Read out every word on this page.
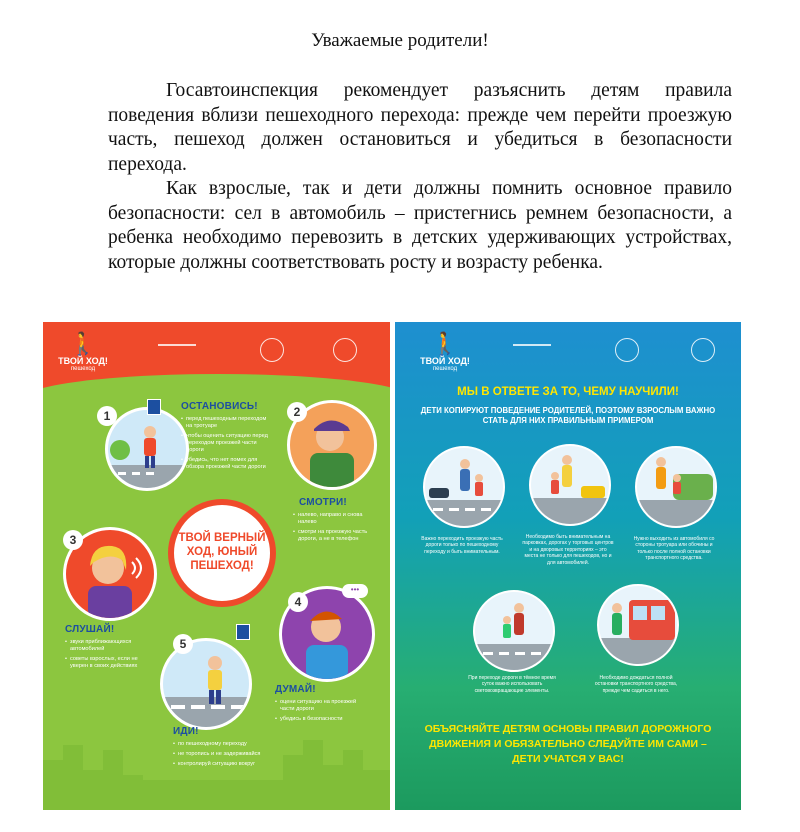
Уважаемые родители!

Госавтоинспекция рекомендует разъяснить детям правила поведения вблизи пешеходного перехода: прежде чем перейти проезжую часть, пешеход должен остановиться и убедиться в безопасности перехода.

Как взрослые, так и дети должны помнить основное правило безопасности: сел в автомобиль – пристегнись ремнем безопасности, а ребенка необходимо перевозить в детских удерживающих устройствах, которые должны соответствовать росту и возрасту ребенка.

🚶
ТВОЙ ХОД!
пешеход
1
ОСТАНОВИСЬ!
• перед пешеходным переходом на тротуаре
• чтобы оценить ситуацию перед переходом проезжей части дороги
• убедись, что нет помех для обзора проезжей части дороги
2
СМОТРИ!
• налево, направо и снова налево
• смотри на проезжую часть дороги, а не в телефон
ТВОЙ ВЕРНЫЙ ХОД, ЮНЫЙ ПЕШЕХОД!
3
СЛУШАЙ!
• звуки приближающихся автомобилей
• советы взрослых, если не уверен в своих действиях
•••
4
ДУМАЙ!
• оцени ситуацию на проезжей части дороги
• убедись в безопасности
5
ИДИ!
• по пешеходному переходу
• не торопись и не задерживайся
• контролируй ситуацию вокруг
🚶
ТВОЙ ХОД!
пешеход
МЫ В ОТВЕТЕ ЗА ТО, ЧЕМУ НАУЧИЛИ!
ДЕТИ КОПИРУЮТ ПОВЕДЕНИЕ РОДИТЕЛЕЙ, ПОЭТОМУ ВЗРОСЛЫМ ВАЖНО СТАТЬ ДЛЯ НИХ ПРАВИЛЬНЫМ ПРИМЕРОМ
Важно переходить проезжую часть дороги только по пешеходному переходу и быть внимательным.
Необходимо быть внимательным на парковках, дорогах у торговых центров и на дворовых территориях – это места не только для пешеходов, но и для автомобилей.
Нужно выходить из автомобиля со стороны тротуара или обочины и только после полной остановки транспортного средства.
При переходе дороги в тёмное время суток важно использовать световозвращающие элементы.
Необходимо дождаться полной остановки транспортного средства, прежде чем садиться в него.
ОБЪЯСНЯЙТЕ ДЕТЯМ ОСНОВЫ ПРАВИЛ ДОРОЖНОГО ДВИЖЕНИЯ И ОБЯЗАТЕЛЬНО СЛЕДУЙТЕ ИМ САМИ – ДЕТИ УЧАТСЯ У ВАС!
